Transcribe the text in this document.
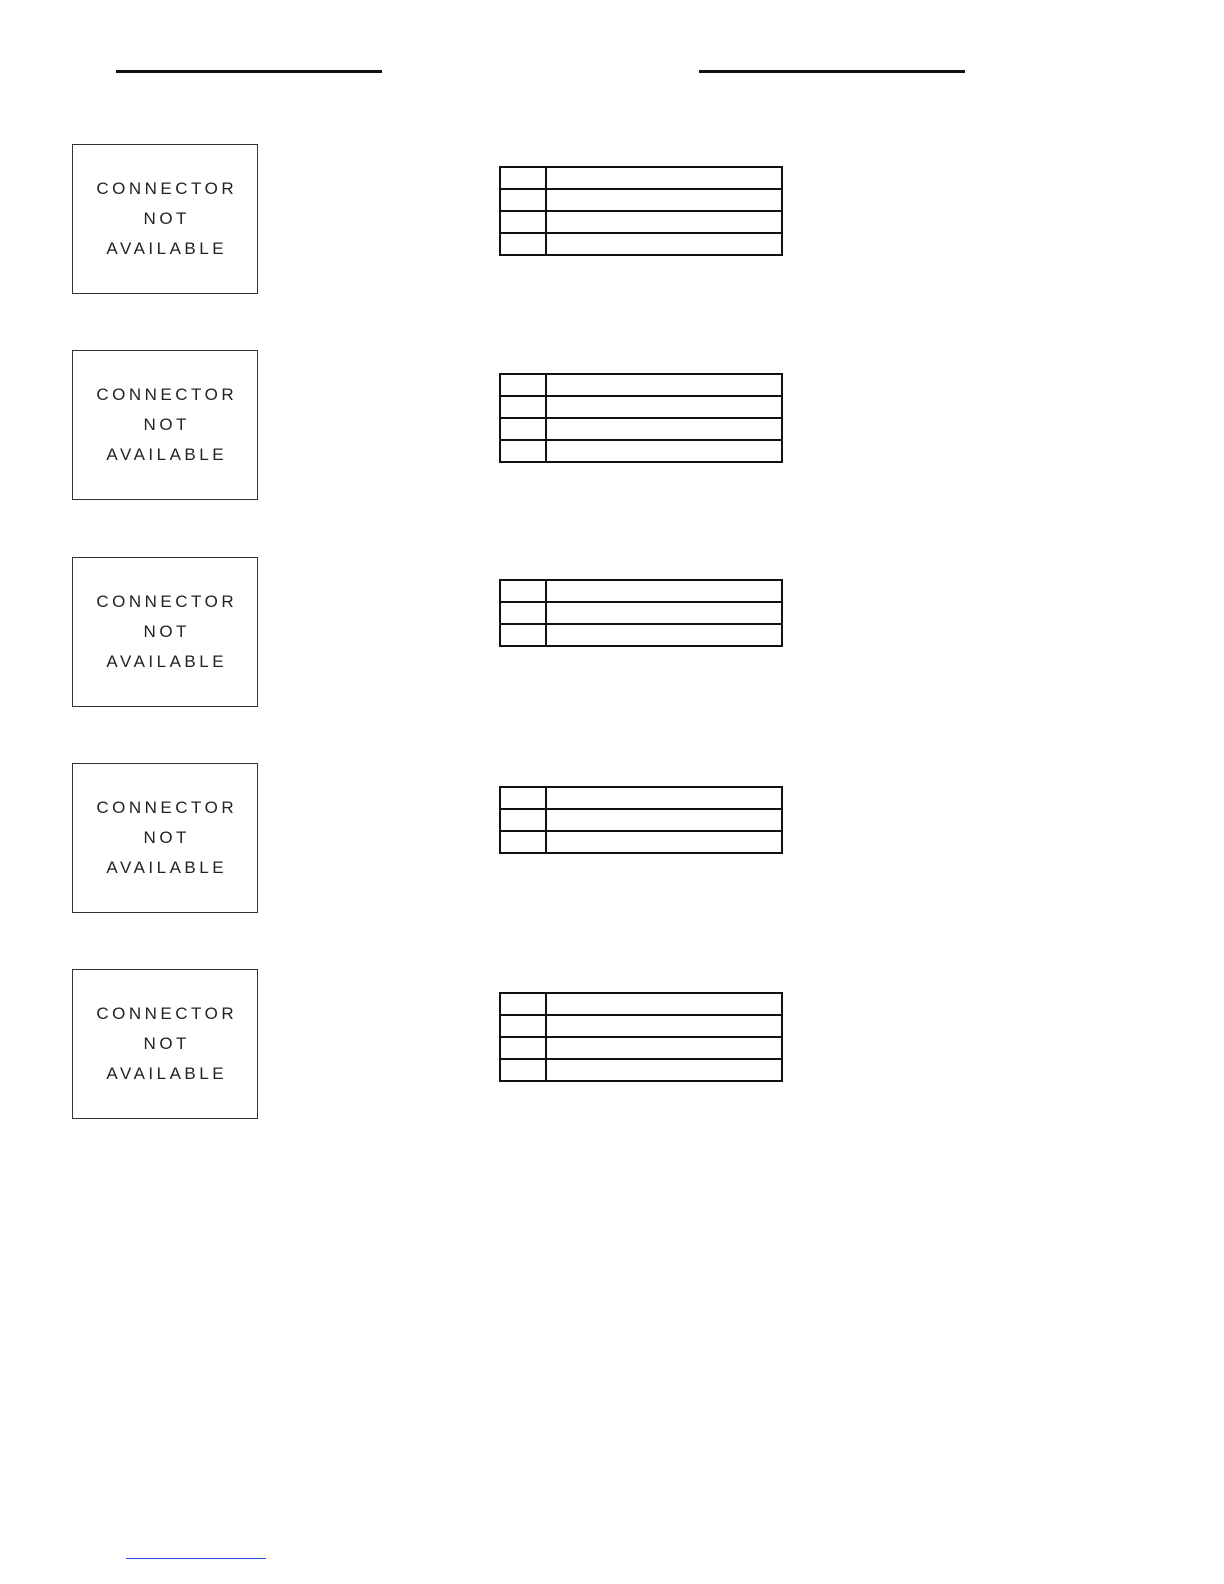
CONNECTOR
NOT
AVAILABLE

CONNECTOR
NOT
AVAILABLE

CONNECTOR
NOT
AVAILABLE

CONNECTOR
NOT
AVAILABLE

CONNECTOR
NOT
AVAILABLE
